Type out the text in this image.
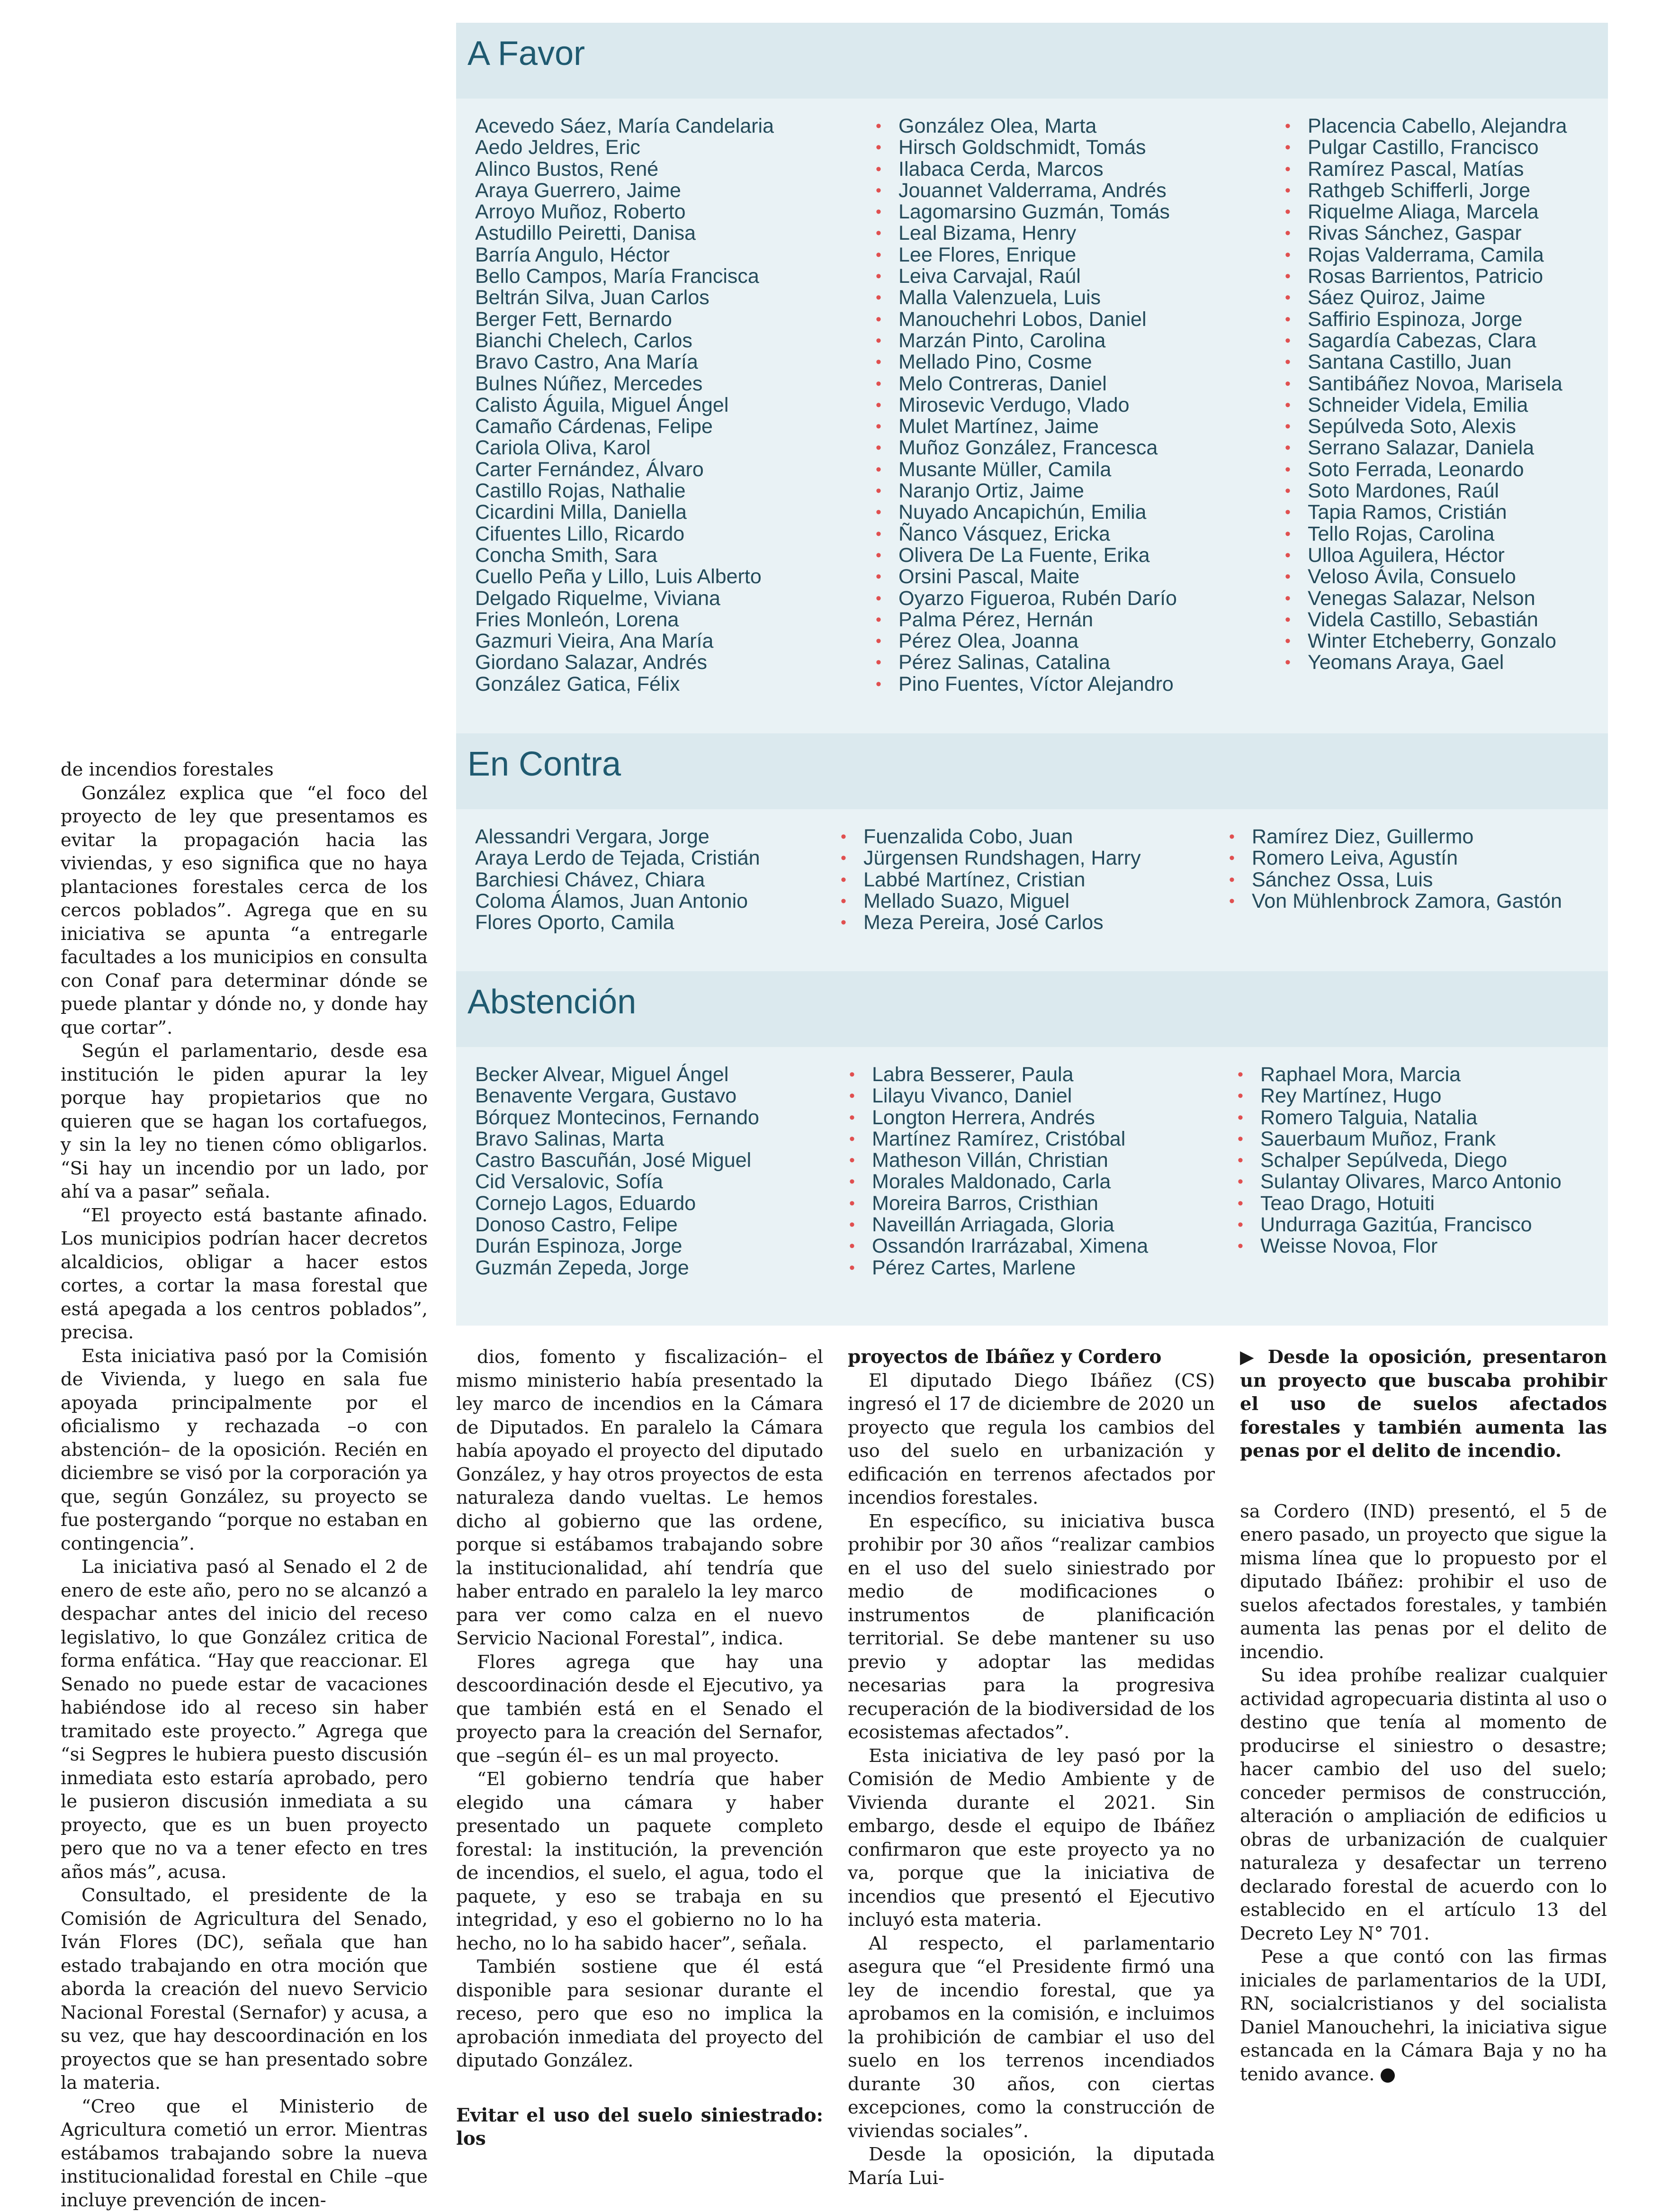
A Favor
Acevedo Sáez, María Candelaria
Aedo Jeldres, Eric
Alinco Bustos, René
Araya Guerrero, Jaime
Arroyo Muñoz, Roberto
Astudillo Peiretti, Danisa
Barría Angulo, Héctor
Bello Campos, María Francisca
Beltrán Silva, Juan Carlos
Berger Fett, Bernardo
Bianchi Chelech, Carlos
Bravo Castro, Ana María
Bulnes Núñez, Mercedes
Calisto Águila, Miguel Ángel
Camaño Cárdenas, Felipe
Cariola Oliva, Karol
Carter Fernández, Álvaro
Castillo Rojas, Nathalie
Cicardini Milla, Daniella
Cifuentes Lillo, Ricardo
Concha Smith, Sara
Cuello Peña y Lillo, Luis Alberto
Delgado Riquelme, Viviana
Fries Monleón, Lorena
Gazmuri Vieira, Ana María
Giordano Salazar, Andrés
González Gatica, Félix
• González Olea, Marta
• Hirsch Goldschmidt, Tomás
• Ilabaca Cerda, Marcos
• Jouannet Valderrama, Andrés
• Lagomarsino Guzmán, Tomás
• Leal Bizama, Henry
• Lee Flores, Enrique
• Leiva Carvajal, Raúl
• Malla Valenzuela, Luis
• Manouchehri Lobos, Daniel
• Marzán Pinto, Carolina
• Mellado Pino, Cosme
• Melo Contreras, Daniel
• Mirosevic Verdugo, Vlado
• Mulet Martínez, Jaime
• Muñoz González, Francesca
• Musante Müller, Camila
• Naranjo Ortiz, Jaime
• Nuyado Ancapichún, Emilia
• Ñanco Vásquez, Ericka
• Olivera De La Fuente, Erika
• Orsini Pascal, Maite
• Oyarzo Figueroa, Rubén Darío
• Palma Pérez, Hernán
• Pérez Olea, Joanna
• Pérez Salinas, Catalina
• Pino Fuentes, Víctor Alejandro
• Placencia Cabello, Alejandra
• Pulgar Castillo, Francisco
• Ramírez Pascal, Matías
• Rathgeb Schifferli, Jorge
• Riquelme Aliaga, Marcela
• Rivas Sánchez, Gaspar
• Rojas Valderrama, Camila
• Rosas Barrientos, Patricio
• Sáez Quiroz, Jaime
• Saffirio Espinoza, Jorge
• Sagardía Cabezas, Clara
• Santana Castillo, Juan
• Santibáñez Novoa, Marisela
• Schneider Videla, Emilia
• Sepúlveda Soto, Alexis
• Serrano Salazar, Daniela
• Soto Ferrada, Leonardo
• Soto Mardones, Raúl
• Tapia Ramos, Cristián
• Tello Rojas, Carolina
• Ulloa Aguilera, Héctor
• Veloso Ávila, Consuelo
• Venegas Salazar, Nelson
• Videla Castillo, Sebastián
• Winter Etcheberry, Gonzalo
• Yeomans Araya, Gael
En Contra
Alessandri Vergara, Jorge
Araya Lerdo de Tejada, Cristián
Barchiesi Chávez, Chiara
Coloma Álamos, Juan Antonio
Flores Oporto, Camila
• Fuenzalida Cobo, Juan
• Jürgensen Rundshagen, Harry
• Labbé Martínez, Cristian
• Mellado Suazo, Miguel
• Meza Pereira, José Carlos
• Ramírez Diez, Guillermo
• Romero Leiva, Agustín
• Sánchez Ossa, Luis
• Von Mühlenbrock Zamora, Gastón
Abstención
Becker Alvear, Miguel Ángel
Benavente Vergara, Gustavo
Bórquez Montecinos, Fernando
Bravo Salinas, Marta
Castro Bascuñán, José Miguel
Cid Versalovic, Sofía
Cornejo Lagos, Eduardo
Donoso Castro, Felipe
Durán Espinoza, Jorge
Guzmán Zepeda, Jorge
• Labra Besserer, Paula
• Lilayu Vivanco, Daniel
• Longton Herrera, Andrés
• Martínez Ramírez, Cristóbal
• Matheson Villán, Christian
• Morales Maldonado, Carla
• Moreira Barros, Cristhian
• Naveillán Arriagada, Gloria
• Ossandón Irarrázabal, Ximena
• Pérez Cartes, Marlene
• Raphael Mora, Marcia
• Rey Martínez, Hugo
• Romero Talguia, Natalia
• Sauerbaum Muñoz, Frank
• Schalper Sepúlveda, Diego
• Sulantay Olivares, Marco Antonio
• Teao Drago, Hotuiti
• Undurraga Gazitúa, Francisco
• Weisse Novoa, Flor

de incendios forestales

González explica que “el foco del proyecto de ley que presentamos es evitar la propagación hacia las viviendas, y eso significa que no haya plantaciones forestales cerca de los cercos poblados”. Agrega que en su iniciativa se apunta “a entregarle facultades a los municipios en consulta con Conaf para determinar dónde se puede plantar y dónde no, y donde hay que cortar”.

Según el parlamentario, desde esa institución le piden apurar la ley porque hay propietarios que no quieren que se hagan los cortafuegos, y sin la ley no tienen cómo obligarlos. “Si hay un incendio por un lado, por ahí va a pasar” señala.

“El proyecto está bastante afinado. Los municipios podrían hacer decretos alcaldicios, obligar a hacer estos cortes, a cortar la masa forestal que está apegada a los centros poblados”, precisa.

Esta iniciativa pasó por la Comisión de Vivienda, y luego en sala fue apoyada principalmente por el oficialismo y rechazada –o con abstención– de la oposición. Recién en diciembre se visó por la corporación ya que, según González, su proyecto se fue postergando “porque no estaban en contingencia”.

La iniciativa pasó al Senado el 2 de enero de este año, pero no se alcanzó a despachar antes del inicio del receso legislativo, lo que González critica de forma enfática. “Hay que reaccionar. El Senado no puede estar de vacaciones habiéndose ido al receso sin haber tramitado este proyecto.” Agrega que “si Segpres le hubiera puesto discusión inmediata esto estaría aprobado, pero le pusieron discusión inmediata a su proyecto, que es un buen proyecto pero que no va a tener efecto en tres años más”, acusa.

Consultado, el presidente de la Comisión de Agricultura del Senado, Iván Flores (DC), señala que han estado trabajando en otra moción que aborda la creación del nuevo Servicio Nacional Forestal (Sernafor) y acusa, a su vez, que hay descoordinación en los proyectos que se han presentado sobre la materia.

“Creo que el Ministerio de Agricultura cometió un error. Mientras estábamos trabajando sobre la nueva institucionalidad forestal en Chile –que incluye prevención de incen-

dios, fomento y fiscalización– el mismo ministerio había presentado la ley marco de incendios en la Cámara de Diputados. En paralelo la Cámara había apoyado el proyecto del diputado González, y hay otros proyectos de esta naturaleza dando vueltas. Le hemos dicho al gobierno que las ordene, porque si estábamos trabajando sobre la institucionalidad, ahí tendría que haber entrado en paralelo la ley marco para ver como calza en el nuevo Servicio Nacional Forestal”, indica.

Flores agrega que hay una descoordinación desde el Ejecutivo, ya que también está en el Senado el proyecto para la creación del Sernafor, que –según él– es un mal proyecto.

“El gobierno tendría que haber elegido una cámara y haber presentado un paquete completo forestal: la institución, la prevención de incendios, el suelo, el agua, todo el paquete, y eso se trabaja en su integridad, y eso el gobierno no lo ha hecho, no lo ha sabido hacer”, señala.

También sostiene que él está disponible para sesionar durante el receso, pero que eso no implica la aprobación inmediata del proyecto del diputado González.

Evitar el uso del suelo siniestrado: los
proyectos de Ibáñez y Cordero

El diputado Diego Ibáñez (CS) ingresó el 17 de diciembre de 2020 un proyecto que regula los cambios del uso del suelo en urbanización y edificación en terrenos afectados por incendios forestales.

En específico, su iniciativa busca prohibir por 30 años “realizar cambios en el uso del suelo siniestrado por medio de modificaciones o instrumentos de planificación territorial. Se debe mantener su uso previo y adoptar las medidas necesarias para la progresiva recuperación de la biodiversidad de los ecosistemas afectados”.

Esta iniciativa de ley pasó por la Comisión de Medio Ambiente y de Vivienda durante el 2021. Sin embargo, desde el equipo de Ibáñez confirmaron que este proyecto ya no va, porque que la iniciativa de incendios que presentó el Ejecutivo incluyó esta materia.

Al respecto, el parlamentario asegura que “el Presidente firmó una ley de incendio forestal, que ya aprobamos en la comisión, e incluimos la prohibición de cambiar el uso del suelo en los terrenos incendiados durante 30 años, con ciertas excepciones, como la construcción de viviendas sociales”.

Desde la oposición, la diputada María Lui-

▶ Desde la oposición, presentaron un proyecto que buscaba prohibir el uso de suelos afectados forestales y también aumenta las penas por el delito de incendio.

sa Cordero (IND) presentó, el 5 de enero pasado, un proyecto que sigue la misma línea que lo propuesto por el diputado Ibáñez: prohibir el uso de suelos afectados forestales, y también aumenta las penas por el delito de incendio.

Su idea prohíbe realizar cualquier actividad agropecuaria distinta al uso o destino que tenía al momento de producirse el siniestro o desastre; hacer cambio del uso del suelo; conceder permisos de construcción, alteración o ampliación de edificios u obras de urbanización de cualquier naturaleza y desafectar un terreno declarado forestal de acuerdo con lo establecido en el artículo 13 del Decreto Ley N° 701.

Pese a que contó con las firmas iniciales de parlamentarios de la UDI, RN, socialcristianos y del socialista Daniel Manouchehri, la iniciativa sigue estancada en la Cámara Baja y no ha tenido avance.
